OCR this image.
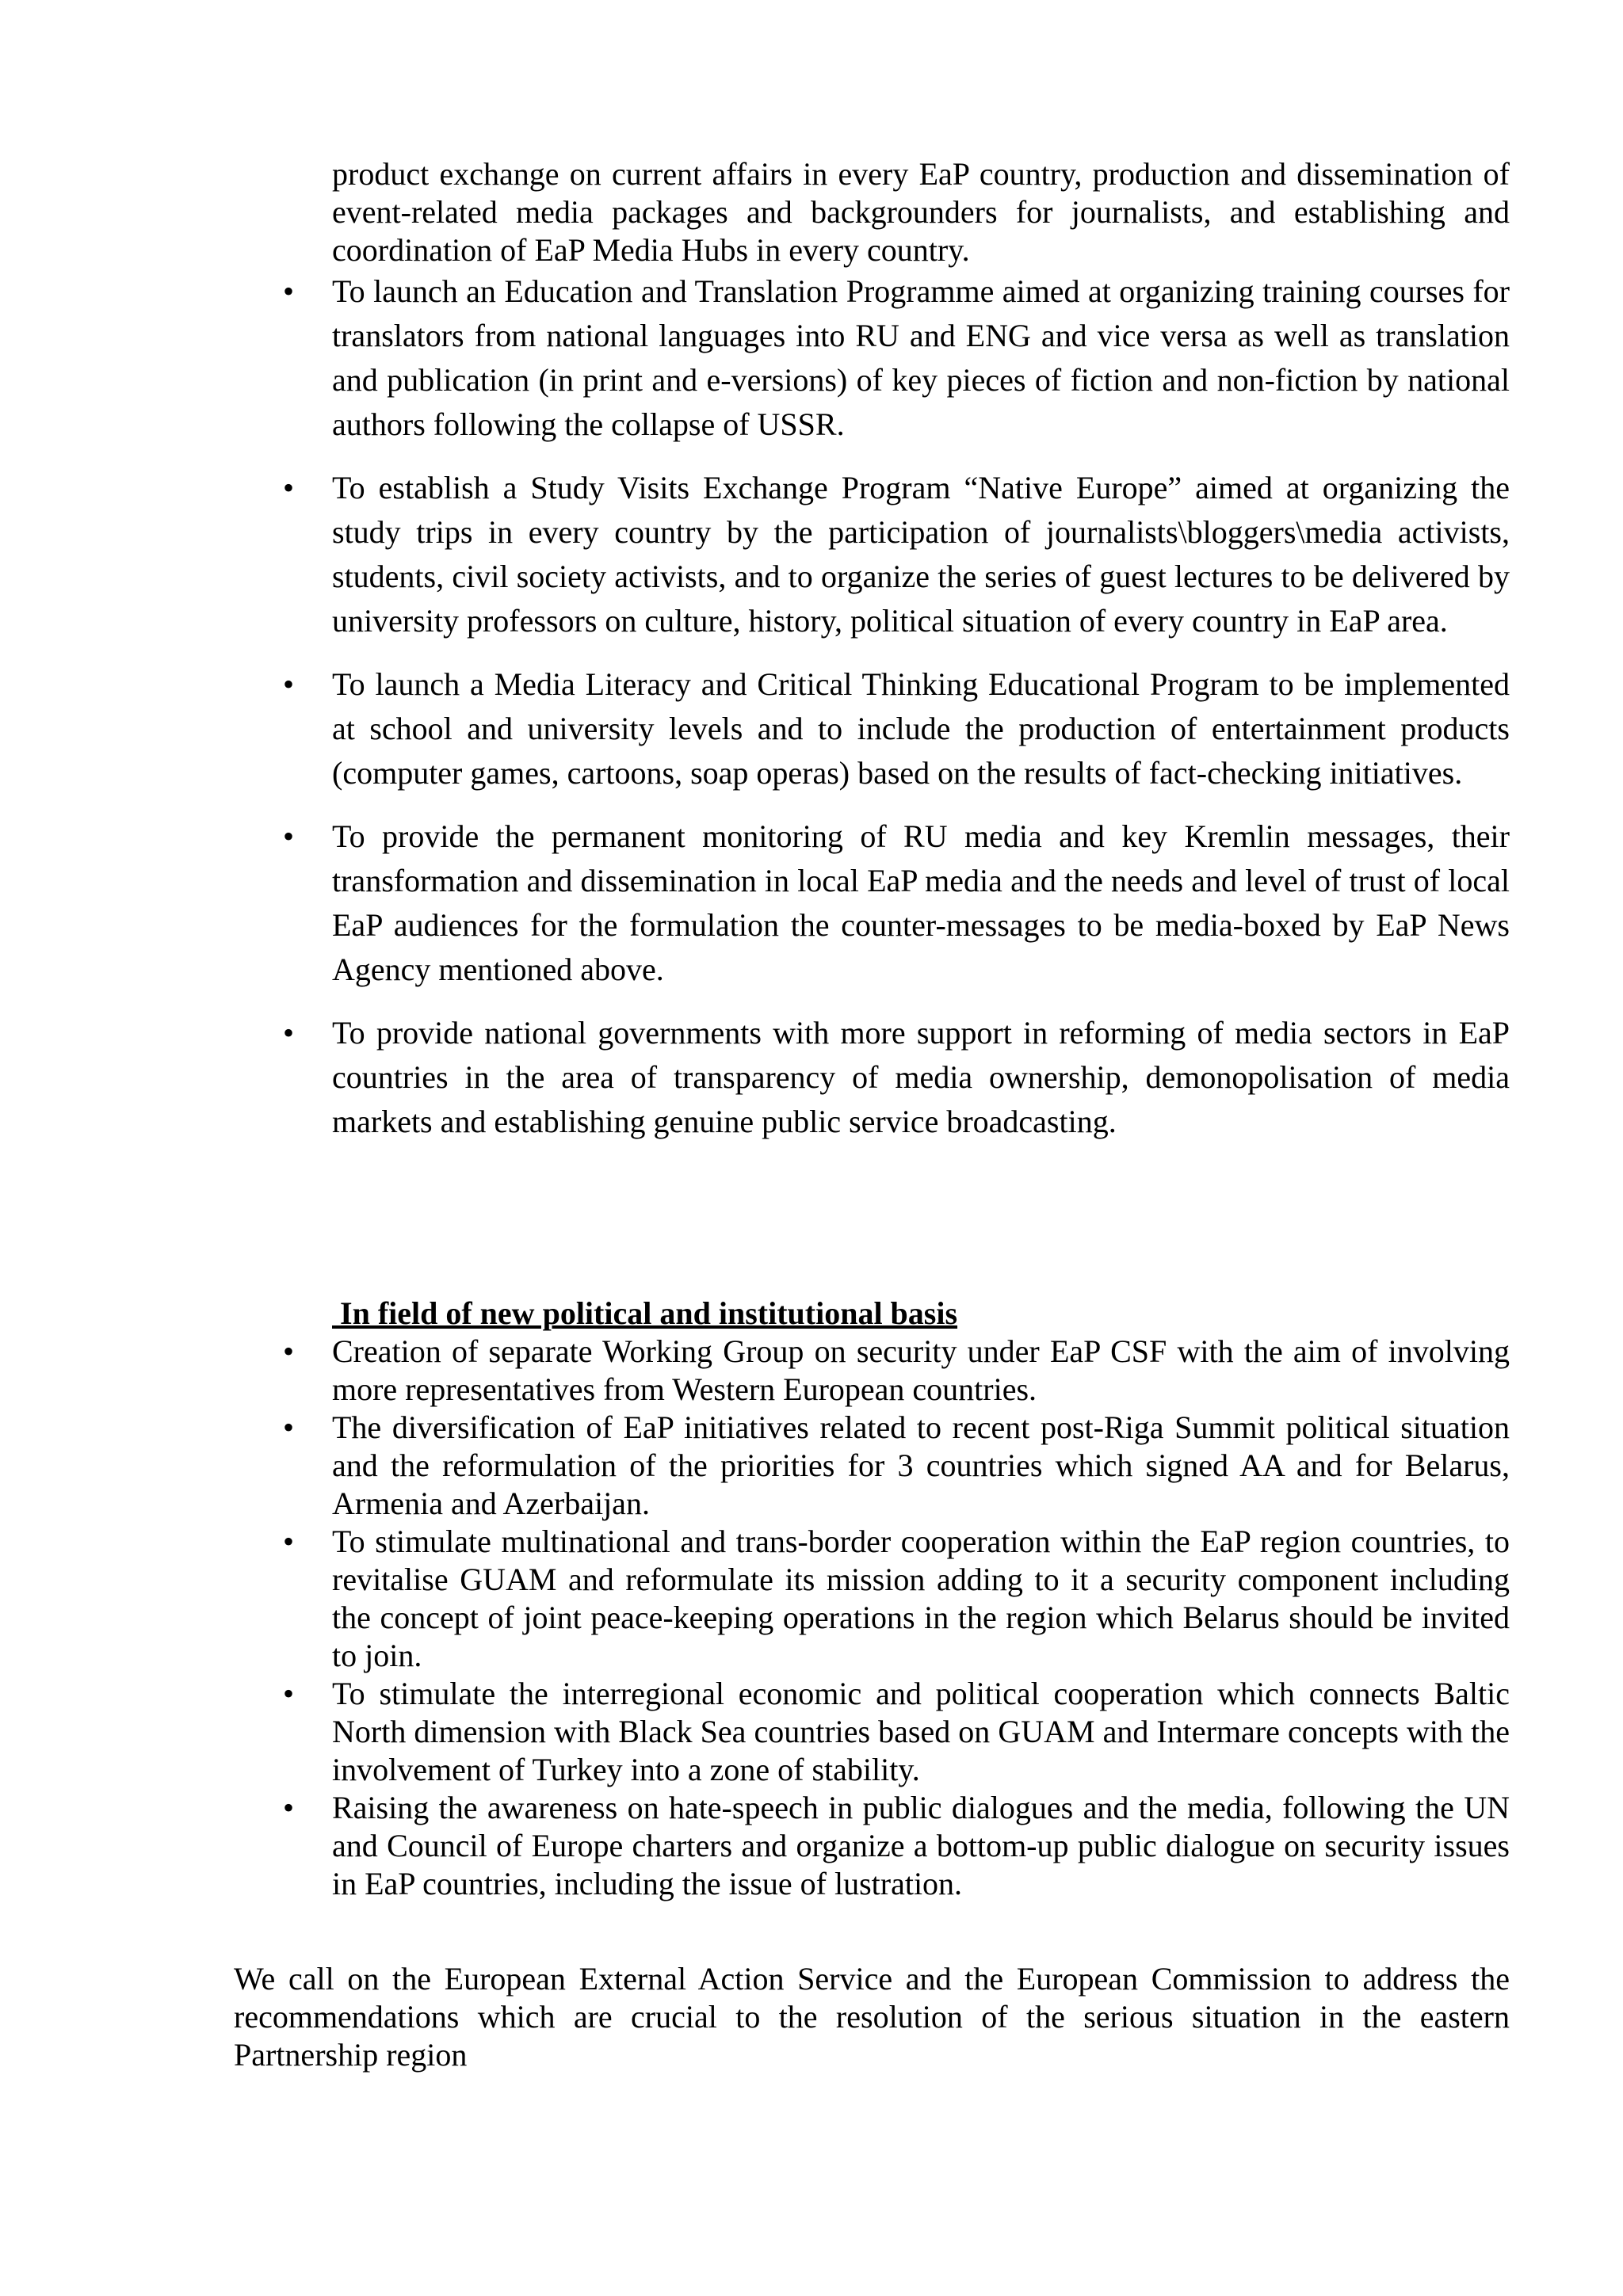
product exchange on current affairs in every EaP country, production and dissemination of event-related media packages and backgrounders for journalists, and establishing and coordination of EaP Media Hubs in every country.

• To launch an Education and Translation Programme aimed at organizing training courses for translators from national languages into RU and ENG and vice versa as well as translation and publication (in print and e-versions) of key pieces of fiction and non-fiction by national authors following the collapse of USSR.
• To establish a Study Visits Exchange Program “Native Europe” aimed at organizing the study trips in every country by the participation of journalists\bloggers\media activists, students, civil society activists, and to organize the series of guest lectures to be delivered by university professors on culture, history, political situation of every country in EaP area.
• To launch a Media Literacy and Critical Thinking Educational Program to be implemented at school and university levels and to include the production of entertainment products (computer games, cartoons, soap operas) based on the results of fact-checking initiatives.
• To provide the permanent monitoring of RU media and key Kremlin messages, their transformation and dissemination in local EaP media and the needs and level of trust of local EaP audiences for the formulation the counter-messages to be media-boxed by EaP News Agency mentioned above.
• To provide national governments with more support in reforming of media sectors in EaP countries in the area of transparency of media ownership, demonopolisation of media markets and establishing genuine public service broadcasting.
In field of new political and institutional basis
• Creation of separate Working Group on security under EaP CSF with the aim of involving more representatives from Western European countries.
• The diversification of EaP initiatives related to recent post-Riga Summit political situation and the reformulation of the priorities for 3 countries which signed AA and for Belarus, Armenia and Azerbaijan.
• To stimulate multinational and trans-border cooperation within the EaP region countries, to revitalise GUAM and reformulate its mission adding to it a security component including the concept of joint peace-keeping operations in the region which Belarus should be invited to join.
• To stimulate the interregional economic and political cooperation which connects Baltic North dimension with Black Sea countries based on GUAM and Intermare concepts with the involvement of Turkey into a zone of stability.
• Raising the awareness on hate-speech in public dialogues and the media, following the UN and Council of Europe charters and organize a bottom-up public dialogue on security issues in EaP countries, including the issue of lustration.

We call on the European External Action Service and the European Commission to address the recommendations which are crucial to the resolution of the serious situation in the eastern Partnership region
